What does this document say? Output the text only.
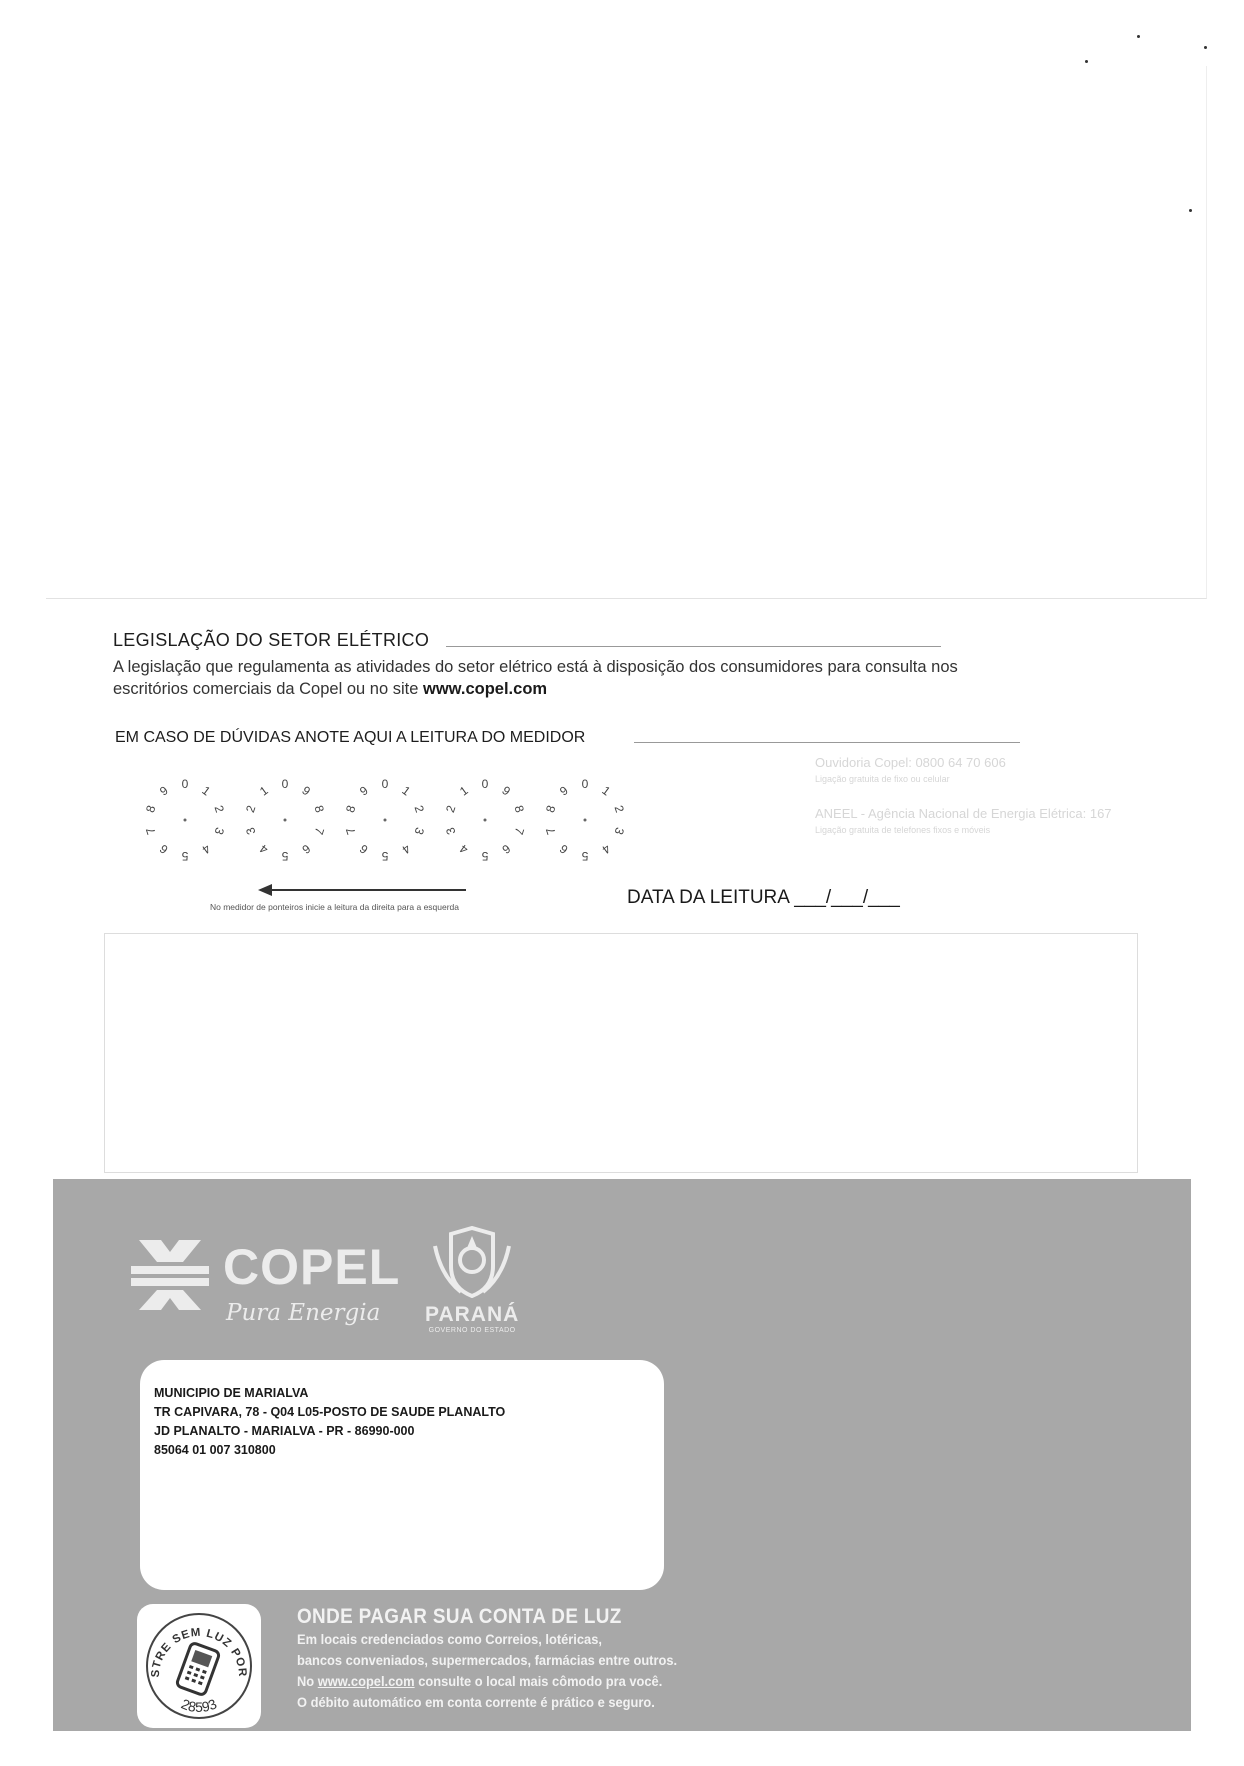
LEGISLAÇÃO DO SETOR ELÉTRICO
A legislação que regulamenta as atividades do setor elétrico está à disposição dos consumidores para consulta nos
escritórios comerciais da Copel ou no site www.copel.com
EM CASO DE DÚVIDAS ANOTE AQUI A LEITURA DO MEDIDOR
Ouvidoria Copel: 0800 64 70 606
Ligação gratuita de fixo ou celular
ANEEL - Agência Nacional de Energia Elétrica: 167
Ligação gratuita de telefones fixos e móveis
0 1
2
3
4
5
6
7
8
9	0
1
2
3
4 5 6
7
8
9	0 1
2
3
4
5
6
7
8
9	0
1
2
3
4 5 6
7
8
9	0 1
2
3
4
5
6
7
8
9
No medidor de ponteiros inicie a leitura da direita para a esquerda	DATA DA LEITURA ___/___/___
COPEL
Pura Energia PARANÁ
GOVERNO DO ESTADO
MUNICIPIO DE MARIALVA
TR CAPIVARA, 78 - Q04 L05-POSTO DE SAUDE PLANALTO
JD PLANALTO - MARIALVA - PR - 86990-000
85064 01 007 310800
STRE SEM LUZ POR
28593
ONDE PAGAR SUA CONTA DE LUZ
Em locais credenciados como Correios, lotéricas,
bancos conveniados, supermercados, farmácias entre outros.
No www.copel.com consulte o local mais cômodo pra você.
O débito automático em conta corrente é prático e seguro.
